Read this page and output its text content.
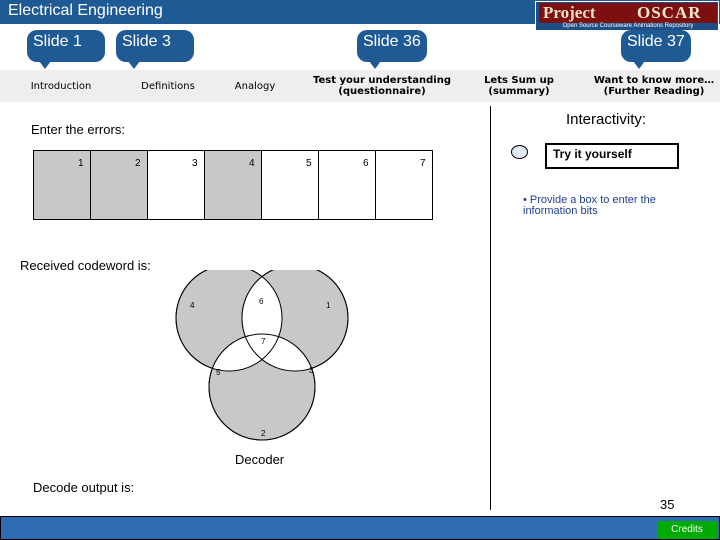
Electrical Engineering	Project OSCAR
Open Source Courseware Animations Repository
Slide 1	Slide 3	Slide 36	Slide 37
Introduction	Definitions	Analogy	Test your understanding (questionnaire)
Lets Sum up (summary)
Want to know more… (Further Reading)
Enter the errors:
1	2	3	4	5	6	7
Received codeword is:
4	6	1
7
5	3
2
Decoder
Decode output is:
Interactivity:
Try it yourself
• Provide a box to enter the information bits
35
Credits
